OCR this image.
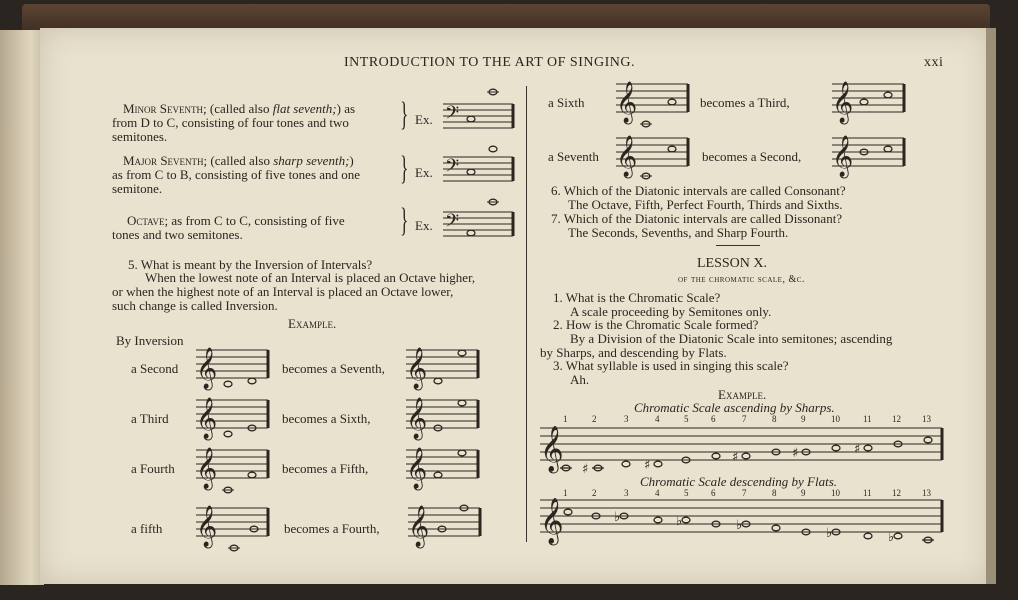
INTRODUCTION TO THE ART OF SINGING.	xxi
Minor Seventh; (called also flat seventh;) as
from D to C, consisting of four tones and two
semitones.
Major Seventh; (called also sharp seventh;)
as from C to B, consisting of five tones and one
semitone.
Octave; as from C to C, consisting of five
tones and two semitones.
}
}
}
Ex.
Ex.
Ex.
𝄢
𝄢
𝄢
5. What is meant by the Inversion of Intervals?
When the lowest note of an Interval is placed an Octave higher,
or when the highest note of an Interval is placed an Octave lower,
such change is called Inversion.
Example.
By Inversion
a Second	becomes a Seventh,
a Third	becomes a Sixth,
a Fourth	becomes a Fifth,
a fifth	becomes a Fourth,
𝄞	𝄞
𝄞	𝄞
𝄞	𝄞
𝄞	𝄞
a Sixth	becomes a Third,
a Seventh	becomes a Second,
𝄞	𝄞
𝄞	𝄞
6. Which of the Diatonic intervals are called Consonant?
The Octave, Fifth, Perfect Fourth, Thirds and Sixths.
7. Which of the Diatonic intervals are called Dissonant?
The Seconds, Sevenths, and Sharp Fourth.
LESSON X.
of the chromatic scale, &c.
1. What is the Chromatic Scale?
A scale proceeding by Semitones only.
2. How is the Chromatic Scale formed?
By a Division of the Diatonic Scale into semitones; ascending
by Sharps, and descending by Flats.
3. What syllable is used in singing this scale?
Ah.
Example.
Chromatic Scale ascending by Sharps.
Chromatic Scale descending by Flats.
1	2	3	4	5	6	7	8	9	10	11 12 13
1	2	3	4	5	6	7	8	9	10	11 12 13
𝄞 ♯	♯
♯	♯	♯
𝄞	♭	♭	♭
♭	♭
